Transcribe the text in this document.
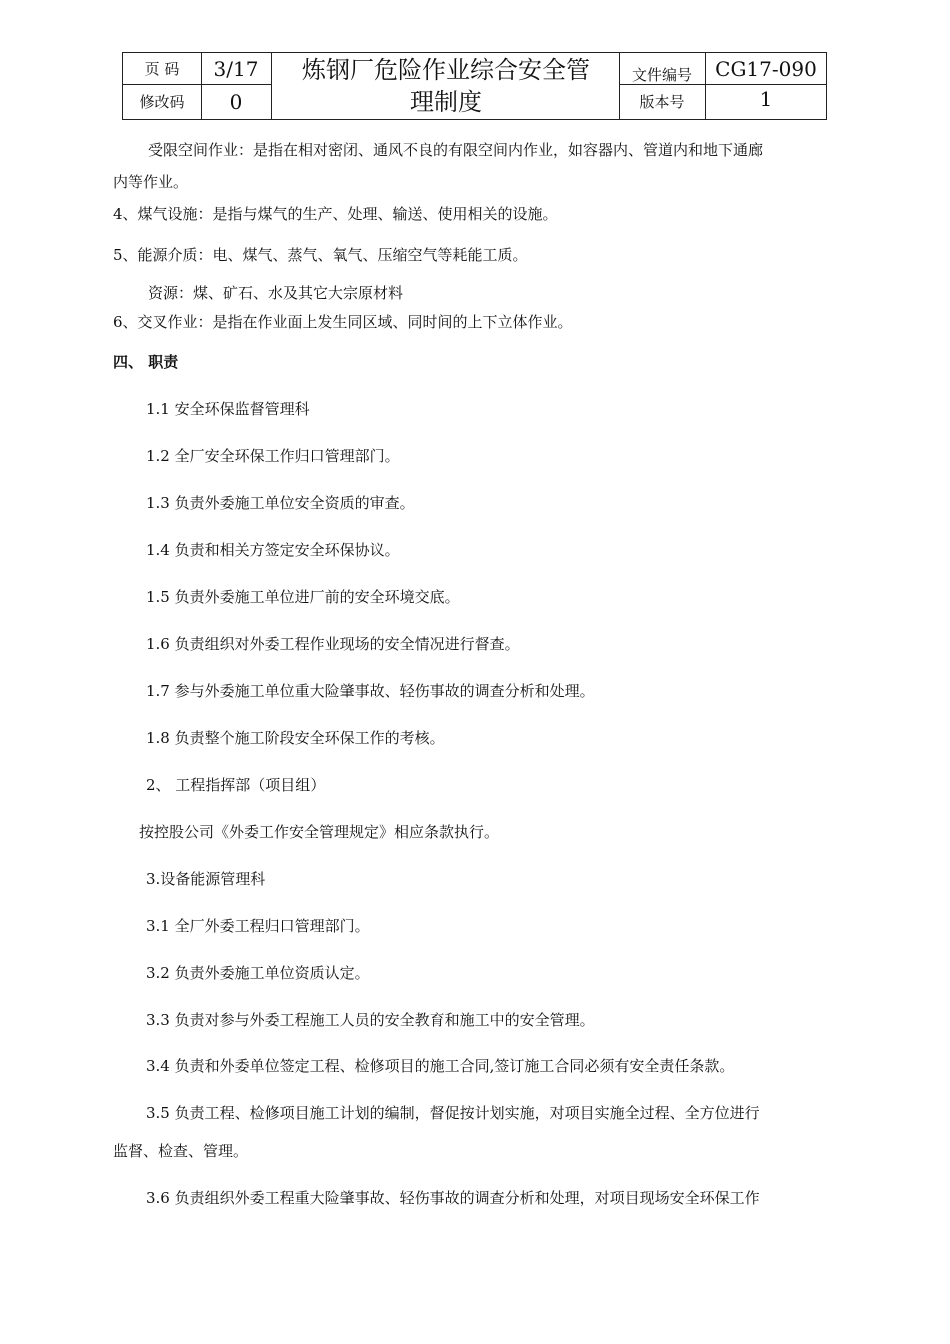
页 码	3/17
修改码	0
炼钢厂危险作业综合安全管
理制度
文件编号	CG17-090
版本号	1
受限空间作业：是指在相对密闭、通风不良的有限空间内作业，如容器内、管道内和地下通廊
内等作业。
4、煤气设施：是指与煤气的生产、处理、输送、使用相关的设施。
5、能源介质：电、煤气、蒸气、氧气、压缩空气等耗能工质。
资源：煤、矿石、水及其它大宗原材料
6、交叉作业：是指在作业面上发生同区域、同时间的上下立体作业。
四、 职责
1.1 安全环保监督管理科
1.2 全厂安全环保工作归口管理部门。
1.3 负责外委施工单位安全资质的审查。
1.4 负责和相关方签定安全环保协议。
1.5 负责外委施工单位进厂前的安全环境交底。
1.6 负责组织对外委工程作业现场的安全情况进行督查。
1.7 参与外委施工单位重大险肇事故、轻伤事故的调查分析和处理。
1.8 负责整个施工阶段安全环保工作的考核。
2、 工程指挥部（项目组）
按控股公司《外委工作安全管理规定》相应条款执行。
3.设备能源管理科
3.1 全厂外委工程归口管理部门。
3.2 负责外委施工单位资质认定。
3.3 负责对参与外委工程施工人员的安全教育和施工中的安全管理。
3.4 负责和外委单位签定工程、检修项目的施工合同,签订施工合同必须有安全责任条款。
3.5 负责工程、检修项目施工计划的编制，督促按计划实施，对项目实施全过程、全方位进行
监督、检查、管理。
3.6 负责组织外委工程重大险肇事故、轻伤事故的调查分析和处理，对项目现场安全环保工作
